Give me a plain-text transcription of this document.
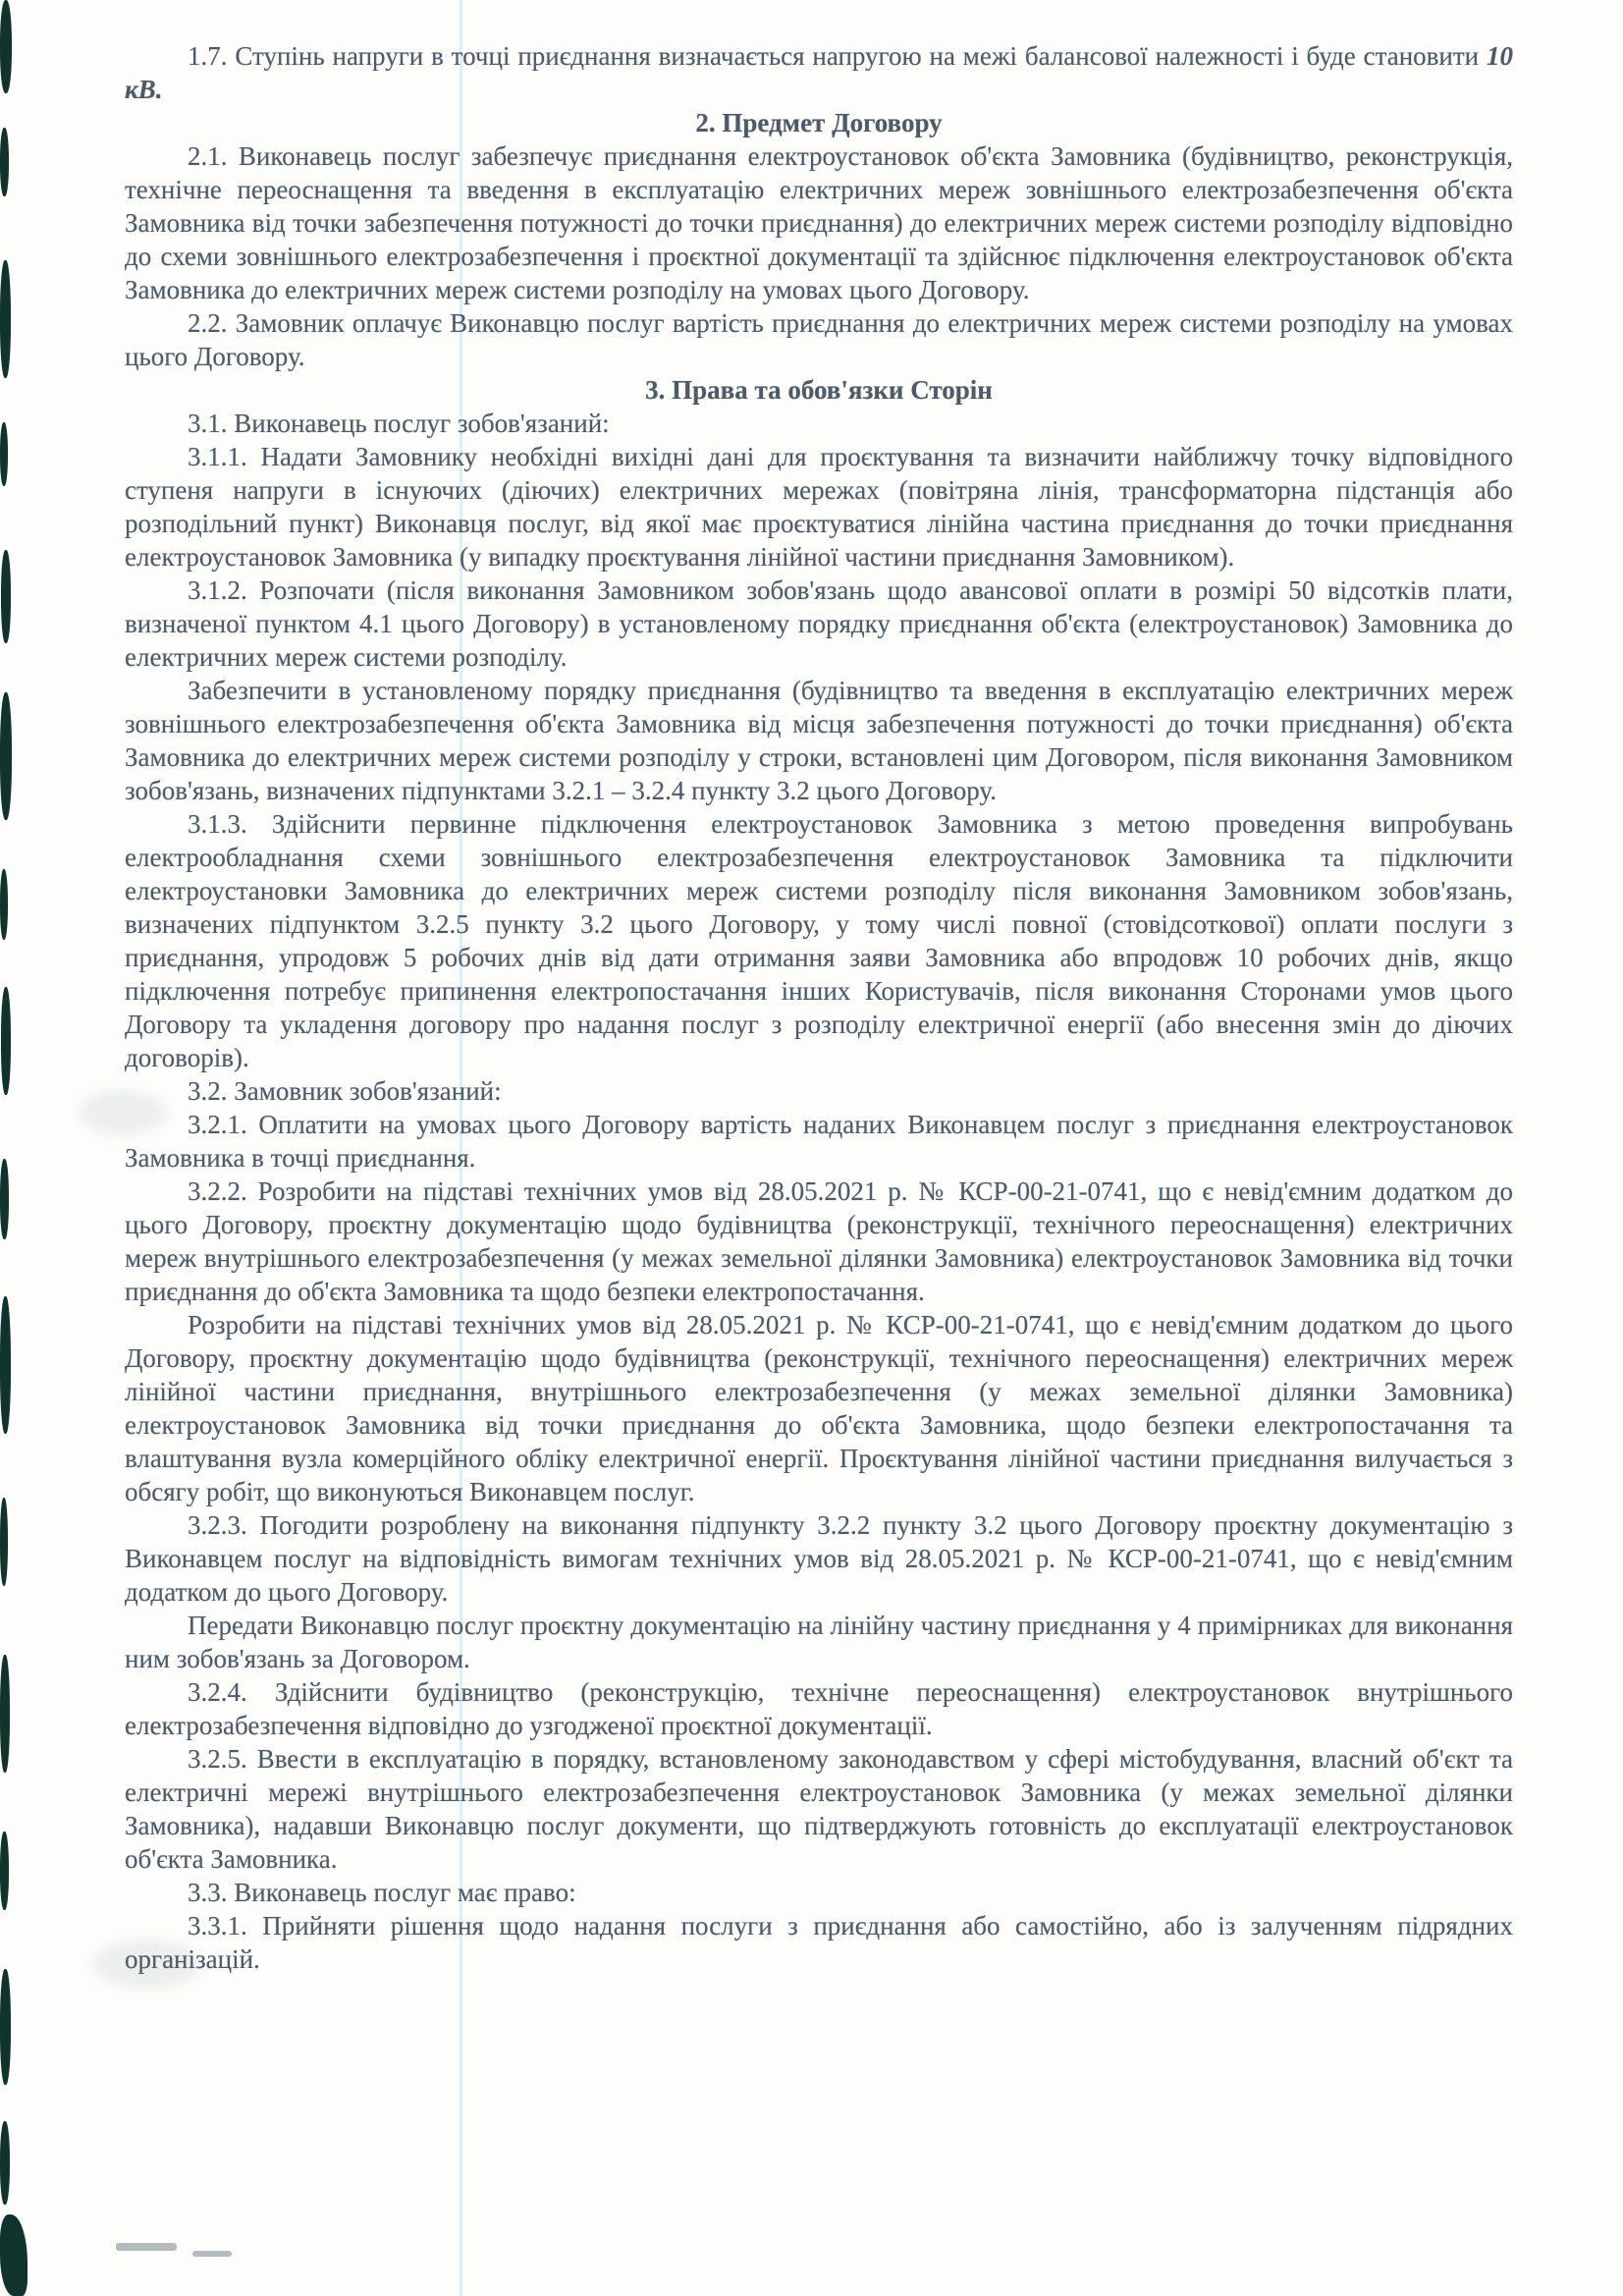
1.7. Ступінь напруги в точці приєднання визначається напругою на межі балансової належності і буде становити 10 кВ.

2. Предмет Договору

2.1. Виконавець послуг забезпечує приєднання електроустановок об'єкта Замовника (будівництво, реконструкція, технічне переоснащення та введення в експлуатацію електричних мереж зовнішнього електрозабезпечення об'єкта Замовника від точки забезпечення потужності до точки приєднання) до електричних мереж системи розподілу відповідно до схеми зовнішнього електрозабезпечення і проєктної документації та здійснює підключення електроустановок об'єкта Замовника до електричних мереж системи розподілу на умовах цього Договору.

2.2. Замовник оплачує Виконавцю послуг вартість приєднання до електричних мереж системи розподілу на умовах цього Договору.

3. Права та обов'язки Сторін

3.1. Виконавець послуг зобов'язаний:

3.1.1. Надати Замовнику необхідні вихідні дані для проєктування та визначити найближчу точку відповідного ступеня напруги в існуючих (діючих) електричних мережах (повітряна лінія, трансформаторна підстанція або розподільний пункт) Виконавця послуг, від якої має проєктуватися лінійна частина приєднання до точки приєднання електроустановок Замовника (у випадку проєктування лінійної частини приєднання Замовником).

3.1.2. Розпочати (після виконання Замовником зобов'язань щодо авансової оплати в розмірі 50 відсотків плати, визначеної пунктом 4.1 цього Договору) в установленому порядку приєднання об'єкта (електроустановок) Замовника до електричних мереж системи розподілу.

Забезпечити в установленому порядку приєднання (будівництво та введення в експлуатацію електричних мереж зовнішнього електрозабезпечення об'єкта Замовника від місця забезпечення потужності до точки приєднання) об'єкта Замовника до електричних мереж системи розподілу у строки, встановлені цим Договором, після виконання Замовником зобов'язань, визначених підпунктами 3.2.1 – 3.2.4 пункту 3.2 цього Договору.

3.1.3. Здійснити первинне підключення електроустановок Замовника з метою проведення випробувань електрообладнання схеми зовнішнього електрозабезпечення електроустановок Замовника та підключити електроустановки Замовника до електричних мереж системи розподілу після виконання Замовником зобов'язань, визначених підпунктом 3.2.5 пункту 3.2 цього Договору, у тому числі повної (стовідсоткової) оплати послуги з приєднання, упродовж 5 робочих днів від дати отримання заяви Замовника або впродовж 10 робочих днів, якщо підключення потребує припинення електропостачання інших Користувачів, після виконання Сторонами умов цього Договору та укладення договору про надання послуг з розподілу електричної енергії (або внесення змін до діючих договорів).

3.2. Замовник зобов'язаний:

3.2.1. Оплатити на умовах цього Договору вартість наданих Виконавцем послуг з приєднання електроустановок Замовника в точці приєднання.

3.2.2. Розробити на підставі технічних умов від 28.05.2021 р. № КСР-00-21-0741, що є невід'ємним додатком до цього Договору, проєктну документацію щодо будівництва (реконструкції, технічного переоснащення) електричних мереж внутрішнього електрозабезпечення (у межах земельної ділянки Замовника) електроустановок Замовника від точки приєднання до об'єкта Замовника та щодо безпеки електропостачання.

Розробити на підставі технічних умов від 28.05.2021 р. № КСР-00-21-0741, що є невід'ємним додатком до цього Договору, проєктну документацію щодо будівництва (реконструкції, технічного переоснащення) електричних мереж лінійної частини приєднання, внутрішнього електрозабезпечення (у межах земельної ділянки Замовника) електроустановок Замовника від точки приєднання до об'єкта Замовника, щодо безпеки електропостачання та влаштування вузла комерційного обліку електричної енергії. Проєктування лінійної частини приєднання вилучається з обсягу робіт, що виконуються Виконавцем послуг.

3.2.3. Погодити розроблену на виконання підпункту 3.2.2 пункту 3.2 цього Договору проєктну документацію з Виконавцем послуг на відповідність вимогам технічних умов від 28.05.2021 р. № КСР-00-21-0741, що є невід'ємним додатком до цього Договору.

Передати Виконавцю послуг проєктну документацію на лінійну частину приєднання у 4 примірниках для виконання ним зобов'язань за Договором.

3.2.4. Здійснити будівництво (реконструкцію, технічне переоснащення) електроустановок внутрішнього електрозабезпечення відповідно до узгодженої проєктної документації.

3.2.5. Ввести в експлуатацію в порядку, встановленому законодавством у сфері містобудування, власний об'єкт та електричні мережі внутрішнього електрозабезпечення електроустановок Замовника (у межах земельної ділянки Замовника), надавши Виконавцю послуг документи, що підтверджують готовність до експлуатації електроустановок об'єкта Замовника.

3.3. Виконавець послуг має право:

3.3.1. Прийняти рішення щодо надання послуги з приєднання або самостійно, або із залученням підрядних організацій.
